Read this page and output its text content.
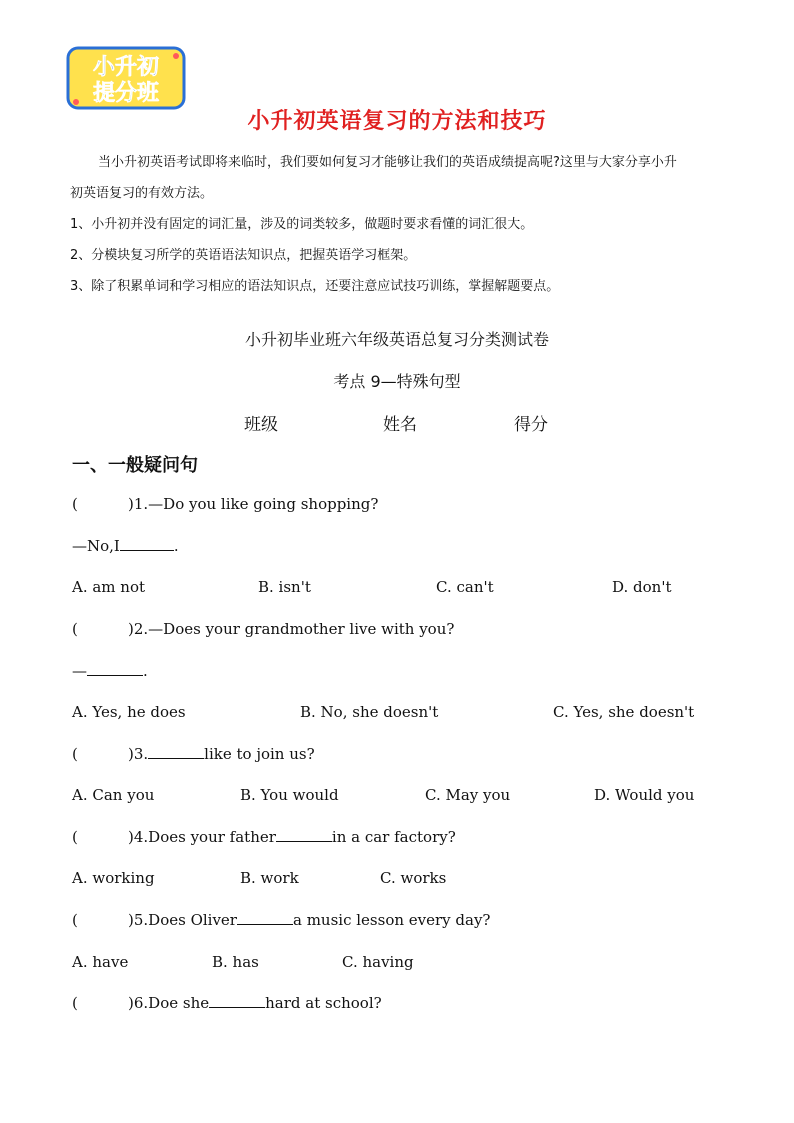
小升初
提分班
小升初英语复习的方法和技巧

当小升初英语考试即将来临时，我们要如何复习才能够让我们的英语成绩提高呢?这里与大家分享小升

初英语复习的有效方法。

1、小升初并没有固定的词汇量，涉及的词类较多，做题时要求看懂的词汇很大。

2、分模块复习所学的英语语法知识点，把握英语学习框架。

3、除了积累单词和学习相应的语法知识点，还要注意应试技巧训练，掌握解题要点。

小升初毕业班六年级英语总复习分类测试卷
考点 9—特殊句型
班级	姓名	得分
一、一般疑问句
(	)1.—Do you like going shopping?
—No,I	.
A. am not	B. isn't	C. can't	D. don't
(	)2.—Does your grandmother live with you?
—	.
A. Yes, he does	B. No, she doesn't	C. Yes, she doesn't
(	)3.	like to join us?
A. Can you	B. You would	C. May you	D. Would you
(	)4.Does your father	in a car factory?
A. working	B. work	C. works
(	)5.Does Oliver	a music lesson every day?
A. have	B. has	C. having
(	)6.Doe she	hard at school?
